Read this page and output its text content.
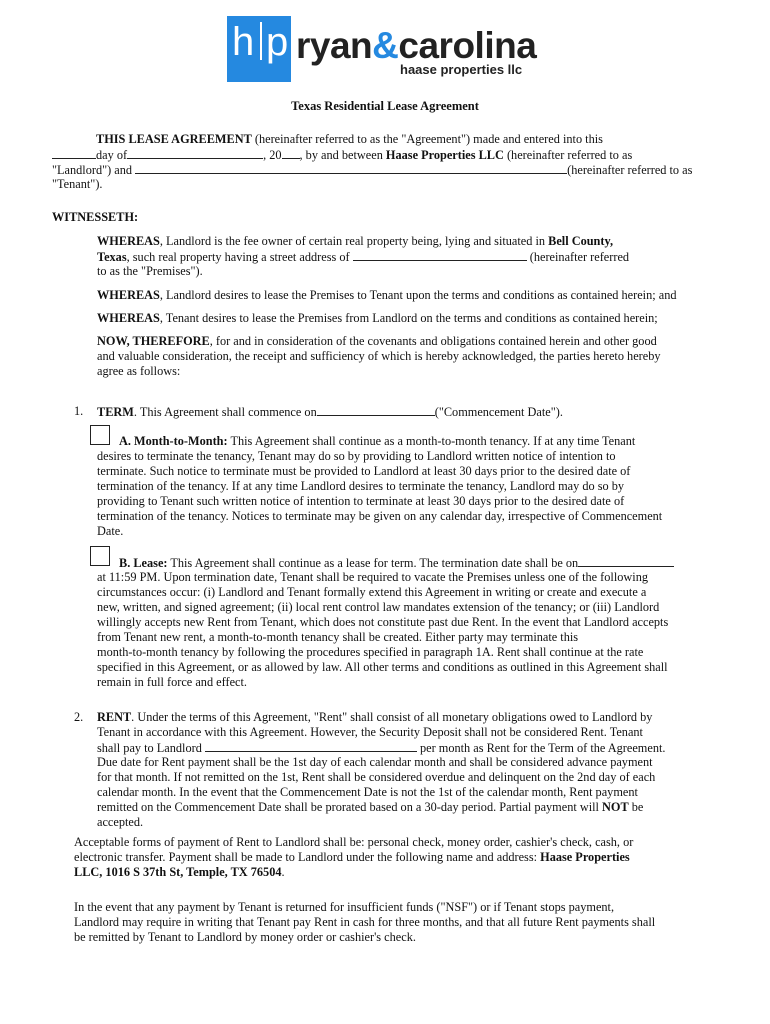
h p ryan&carolina
haase properties llc
Texas Residential Lease Agreement
THIS LEASE AGREEMENT (hereinafter referred to as the "Agreement") made and entered into this
day of	, 20 , by and between Haase Properties LLC (hereinafter referred to as
"Landlord") and	(hereinafter referred to as
"Tenant").
WITNESSETH:
WHEREAS, Landlord is the fee owner of certain real property being, lying and situated in Bell County,
Texas, such real property having a street address of	(hereinafter referred
to as the "Premises").
WHEREAS, Landlord desires to lease the Premises to Tenant upon the terms and conditions as contained herein; and
WHEREAS, Tenant desires to lease the Premises from Landlord on the terms and conditions as contained herein;
NOW, THEREFORE, for and in consideration of the covenants and obligations contained herein and other good
and valuable consideration, the receipt and sufficiency of which is hereby acknowledged, the parties hereto hereby
agree as follows:
1. TERM. This Agreement shall commence on	("Commencement Date").
A. Month-to-Month: This Agreement shall continue as a month-to-month tenancy. If at any time Tenant
desires to terminate the tenancy, Tenant may do so by providing to Landlord written notice of intention to
terminate. Such notice to terminate must be provided to Landlord at least 30 days prior to the desired date of
termination of the tenancy. If at any time Landlord desires to terminate the tenancy, Landlord may do so by
providing to Tenant such written notice of intention to terminate at least 30 days prior to the desired date of
termination of the tenancy. Notices to terminate may be given on any calendar day, irrespective of Commencement
Date.
B. Lease: This Agreement shall continue as a lease for term. The termination date shall be on
at 11:59 PM. Upon termination date, Tenant shall be required to vacate the Premises unless one of the following
circumstances occur: (i) Landlord and Tenant formally extend this Agreement in writing or create and execute a
new, written, and signed agreement; (ii) local rent control law mandates extension of the tenancy; or (iii) Landlord
willingly accepts new Rent from Tenant, which does not constitute past due Rent. In the event that Landlord accepts
from Tenant new rent, a month-to-month tenancy shall be created. Either party may terminate this
month-to-month tenancy by following the procedures specified in paragraph 1A. Rent shall continue at the rate
specified in this Agreement, or as allowed by law. All other terms and conditions as outlined in this Agreement shall
remain in full force and effect.
2. RENT. Under the terms of this Agreement, "Rent" shall consist of all monetary obligations owed to Landlord by
Tenant in accordance with this Agreement. However, the Security Deposit shall not be considered Rent. Tenant
shall pay to Landlord	per month as Rent for the Term of the Agreement.
Due date for Rent payment shall be the 1st day of each calendar month and shall be considered advance payment
for that month. If not remitted on the 1st, Rent shall be considered overdue and delinquent on the 2nd day of each
calendar month. In the event that the Commencement Date is not the 1st of the calendar month, Rent payment
remitted on the Commencement Date shall be prorated based on a 30-day period. Partial payment will NOT be
accepted.
Acceptable forms of payment of Rent to Landlord shall be: personal check, money order, cashier's check, cash, or
electronic transfer. Payment shall be made to Landlord under the following name and address: Haase Properties
LLC, 1016 S 37th St, Temple, TX 76504.
In the event that any payment by Tenant is returned for insufficient funds ("NSF") or if Tenant stops payment,
Landlord may require in writing that Tenant pay Rent in cash for three months, and that all future Rent payments shall
be remitted by Tenant to Landlord by money order or cashier's check.
